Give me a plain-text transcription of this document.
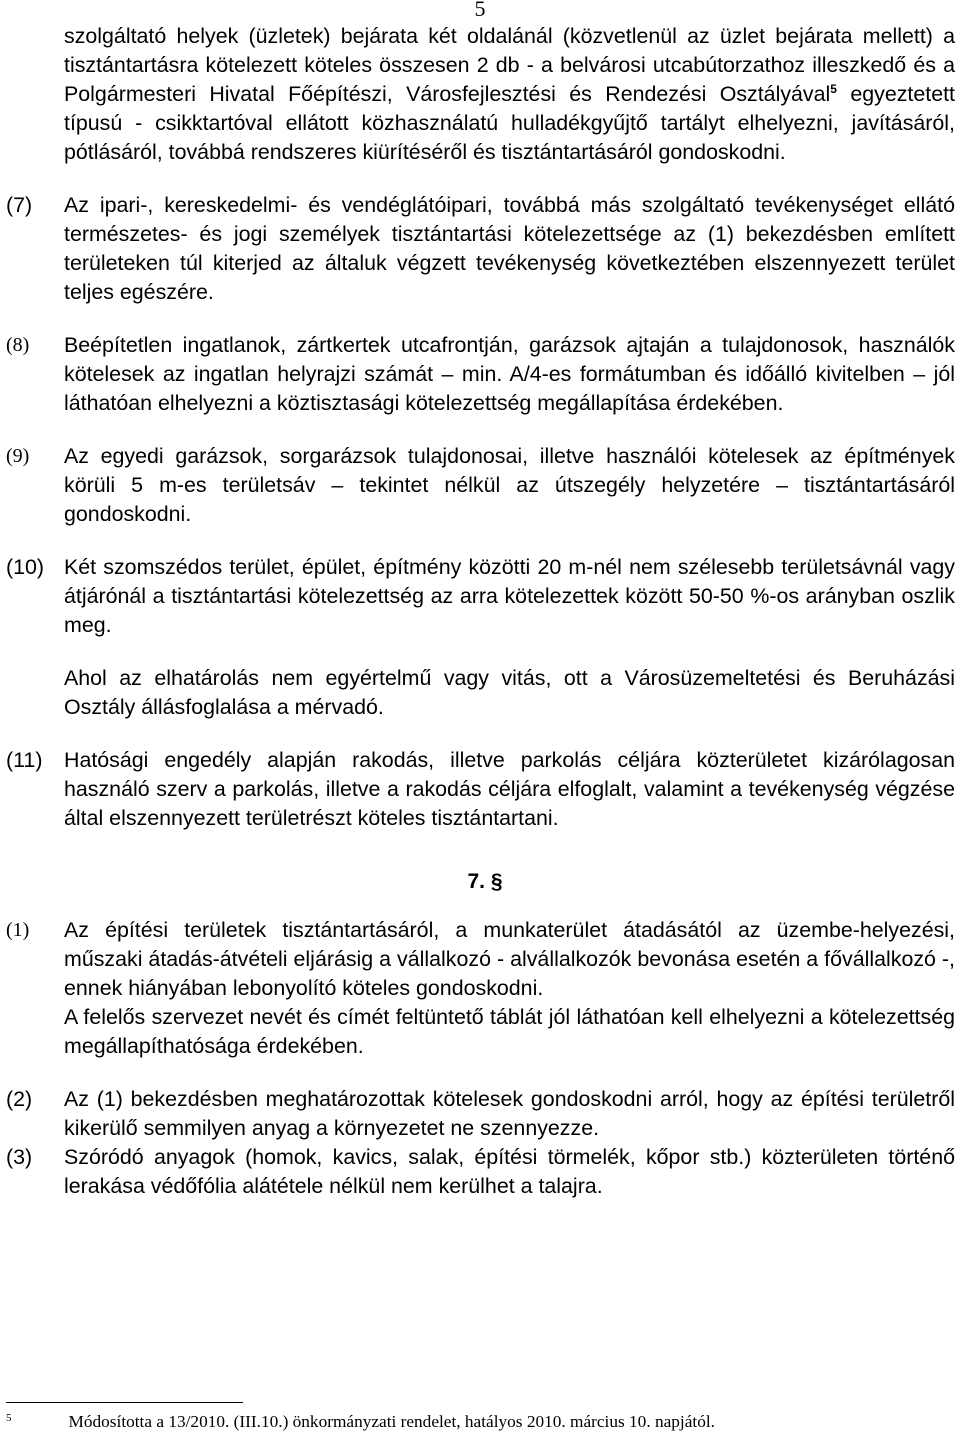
5

szolgáltató helyek (üzletek) bejárata két oldalánál (közvetlenül az üzlet bejárata mellett) a tisztántartásra kötelezett köteles összesen 2 db - a belvárosi utcabútorzathoz illeszkedő és a Polgármesteri Hivatal Főépítészi, Városfejlesztési és Rendezési Osztályával$^5$ egyeztetett típusú - csikktartóval ellátott közhasználatú hulladékgyűjtő tartályt elhelyezni, javításáról, pótlásáról, továbbá rendszeres kiürítéséről és tisztántartásáról gondoskodni.

(7) Az ipari-, kereskedelmi- és vendéglátóipari, továbbá más szolgáltató tevékenységet ellátó természetes- és jogi személyek tisztántartási kötelezettsége az (1) bekezdésben említett területeken túl kiterjed az általuk végzett tevékenység következtében elszennyezett terület teljes egészére.
(8) Beépítetlen ingatlanok, zártkertek utcafrontján, garázsok ajtaján a tulajdonosok, használók kötelesek az ingatlan helyrajzi számát – min. A/4-es formátumban és időálló kivitelben – jól láthatóan elhelyezni a köztisztasági kötelezettség megállapítása érdekében.
(9) Az egyedi garázsok, sorgarázsok tulajdonosai, illetve használói kötelesek az építmények körüli 5 m-es területsáv – tekintet nélkül az útszegély helyzetére – tisztántartásáról gondoskodni.
(10) Két szomszédos terület, épület, építmény közötti 20 m-nél nem szélesebb területsávnál vagy átjárónál a tisztántartási kötelezettség az arra kötelezettek között 50-50 %-os arányban oszlik meg.
Ahol az elhatárolás nem egyértelmű vagy vitás, ott a Városüzemeltetési és Beruházási Osztály állásfoglalása a mérvadó.
(11) Hatósági engedély alapján rakodás, illetve parkolás céljára közterületet kizárólagosan használó szerv a parkolás, illetve a rakodás céljára elfoglalt, valamint a tevékenység végzése által elszennyezett területrészt köteles tisztántartani.

7. §

(1) Az építési területek tisztántartásáról, a munkaterület átadásától az üzembe-helyezési, műszaki átadás-átvételi eljárásig a vállalkozó - alvállalkozók bevonása esetén a fővállalkozó -, ennek hiányában lebonyolító köteles gondoskodni.
A felelős szervezet nevét és címét feltüntető táblát jól láthatóan kell elhelyezni a kötelezettség megállapíthatósága érdekében.
(2) Az (1) bekezdésben meghatározottak kötelesek gondoskodni arról, hogy az építési területről kikerülő semmilyen anyag a környezetet ne szennyezze.
(3) Szóródó anyagok (homok, kavics, salak, építési törmelék, kőpor stb.) közterületen történő lerakása védőfólia alátétele nélkül nem kerülhet a talajra.
$^5$	Módosította a 13/2010. (III.10.) önkormányzati rendelet, hatályos 2010. március 10. napjától.
